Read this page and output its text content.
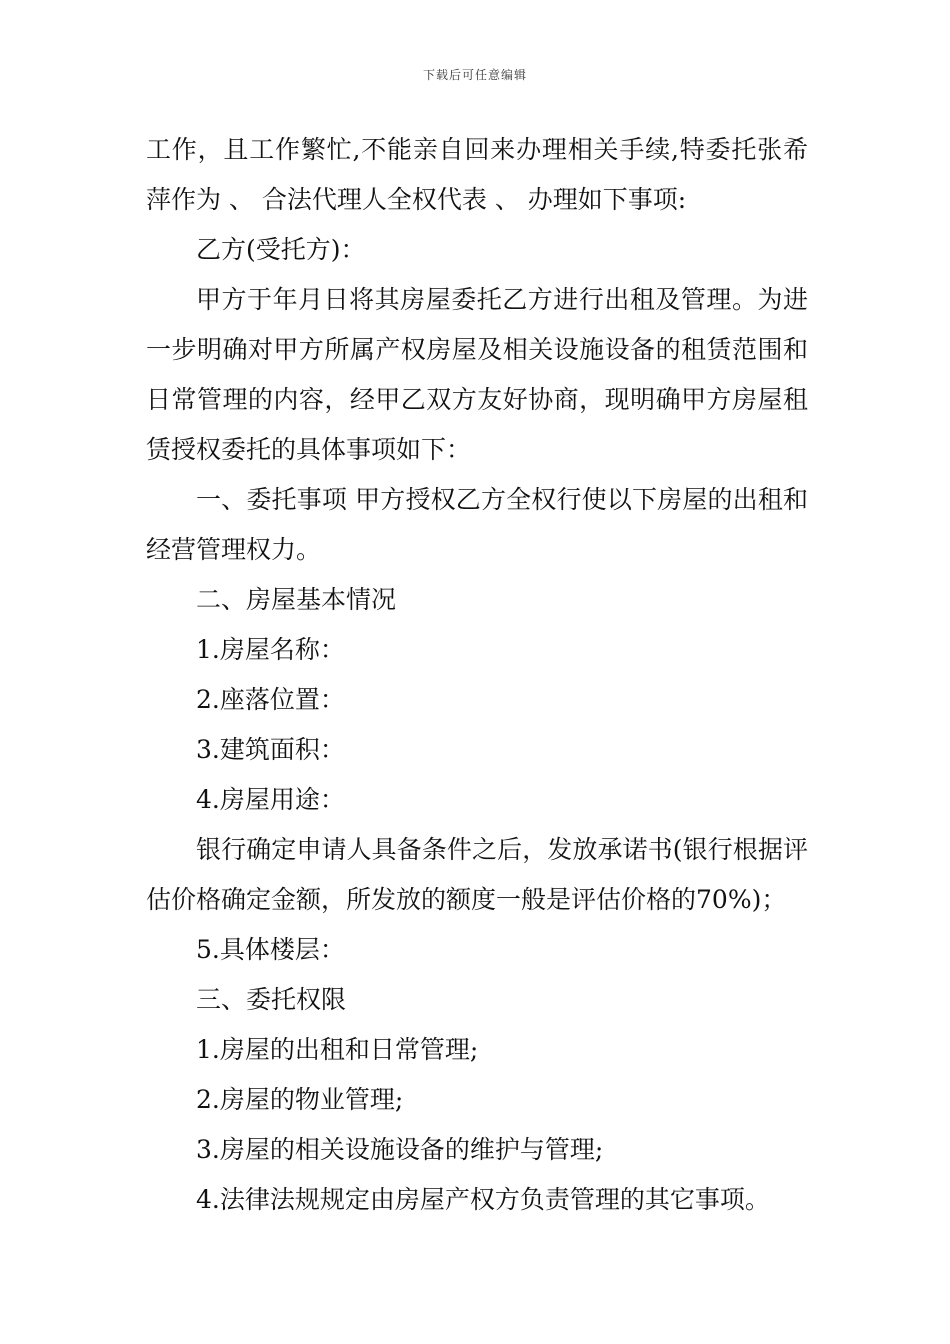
下载后可任意编辑

工作，且工作繁忙,不能亲自回来办理相关手续,特委托张希萍作为 、 合法代理人全权代表 、 办理如下事项:

乙方(受托方)：

甲方于年月日将其房屋委托乙方进行出租及管理。为进一步明确对甲方所属产权房屋及相关设施设备的租赁范围和日常管理的内容，经甲乙双方友好协商，现明确甲方房屋租赁授权委托的具体事项如下：

一、委托事项 甲方授权乙方全权行使以下房屋的出租和经营管理权力。

二、房屋基本情况

1.房屋名称：

2.座落位置：

3.建筑面积：

4.房屋用途：

银行确定申请人具备条件之后，发放承诺书(银行根据评估价格确定金额，所发放的额度一般是评估价格的70%)；

5.具体楼层：

三、委托权限

1.房屋的出租和日常管理;

2.房屋的物业管理;

3.房屋的相关设施设备的维护与管理;

4.法律法规规定由房屋产权方负责管理的其它事项。
